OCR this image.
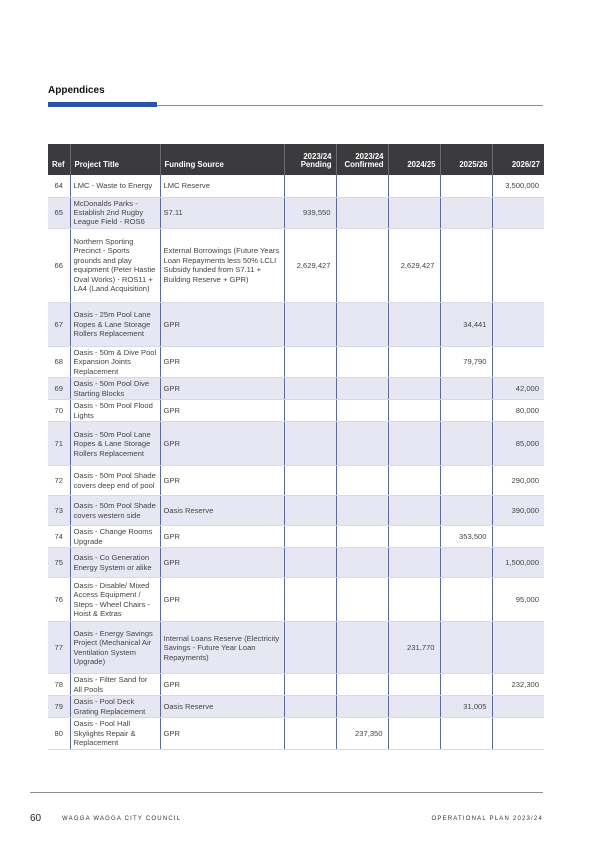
Appendices
Ref	Project Title	Funding Source	2023/24 Pending	2023/24 Confirmed	2024/25	2025/26	2026/27
64	LMC - Waste to Energy	LMC Reserve					3,500,000
65	McDonalds Parks - Establish 2nd Rugby League Field - ROS6	S7.11	939,550				
66	Northern Sporting Precinct - Sports grounds and play equipment (Peter Hastie Oval Works) - ROS11 + LA4 (Land Acquisition)	External Borrowings (Future Years Loan Repayments less 50% LCLI Subsidy funded from S7.11 + Building Reserve + GPR)	2,629,427		2,629,427		
67	Oasis - 25m Pool Lane Ropes & Lane Storage Rollers Replacement	GPR				34,441	
68	Oasis - 50m & Dive Pool Expansion Joints Replacement	GPR				79,790	
69	Oasis - 50m Pool Dive Starting Blocks	GPR					42,000
70	Oasis - 50m Pool Flood Lights	GPR					80,000
71	Oasis - 50m Pool Lane Ropes & Lane Storage Rollers Replacement	GPR					85,000
72	Oasis - 50m Pool Shade covers deep end of pool	GPR					290,000
73	Oasis - 50m Pool Shade covers western side	Oasis Reserve					390,000
74	Oasis - Change Rooms Upgrade	GPR				353,500	
75	Oasis - Co Generation Energy System or alike	GPR					1,500,000
76	Oasis - Disable/ Mixed Access Equipment / Steps - Wheel Chairs - Hoist & Extras	GPR					95,000
77	Oasis - Energy Savings Project (Mechanical Air Ventilation System Upgrade)	Internal Loans Reserve (Electricity Savings - Future Year Loan Repayments)			231,770		
78	Oasis - Filter Sand for All Pools	GPR					232,300
79	Oasis - Pool Deck Grating Replacement	Oasis Reserve				31,005	
80	Oasis - Pool Hall Skylights Repair & Replacement	GPR		237,350			
60	WAGGA WAGGA CITY COUNCIL	OPERATIONAL PLAN 2023/24
